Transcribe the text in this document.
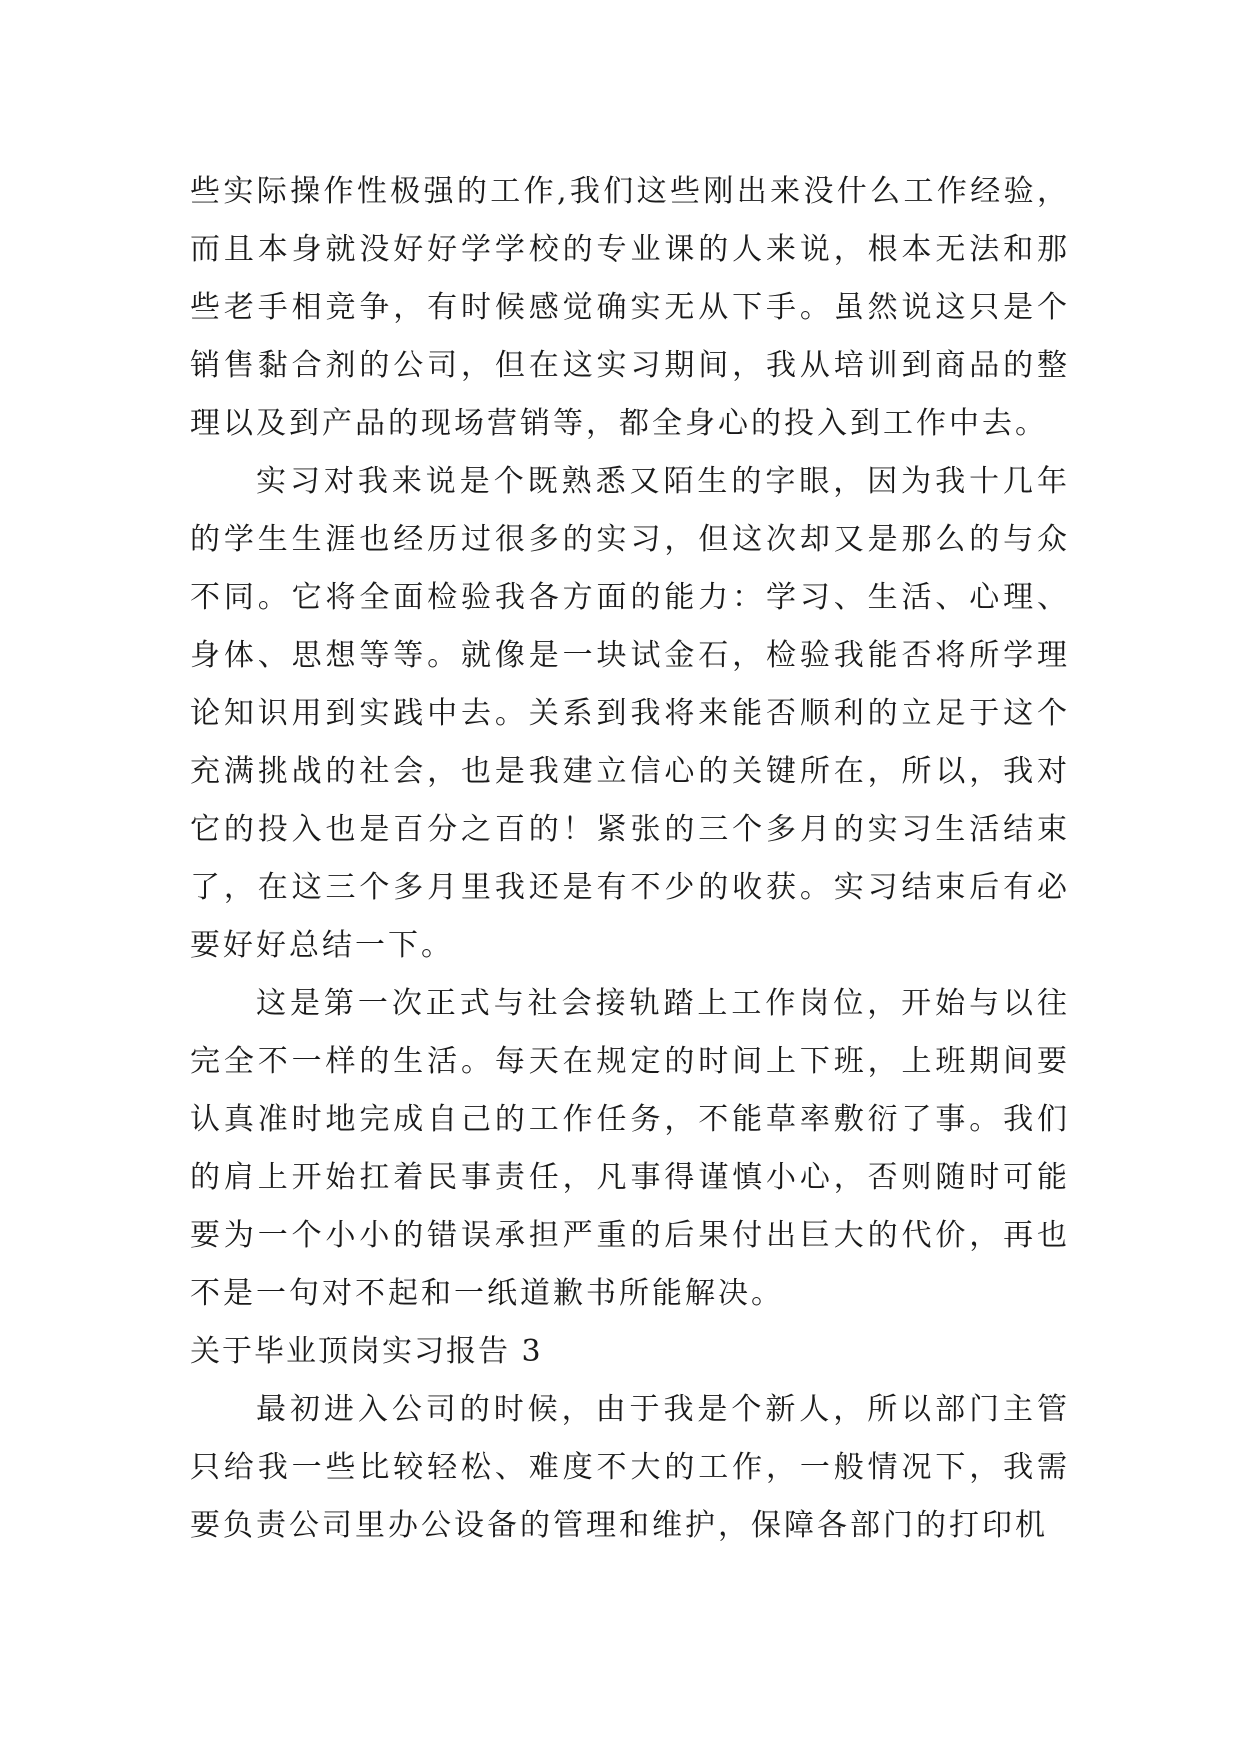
些实际操作性极强的工作,我们这些刚出来没什么工作经验，而且本身就没好好学学校的专业课的人来说，根本无法和那些老手相竞争，有时候感觉确实无从下手。虽然说这只是个销售黏合剂的公司，但在这实习期间，我从培训到商品的整理以及到产品的现场营销等，都全身心的投入到工作中去。

实习对我来说是个既熟悉又陌生的字眼，因为我十几年的学生生涯也经历过很多的实习，但这次却又是那么的与众不同。它将全面检验我各方面的能力：学习、生活、心理、身体、思想等等。就像是一块试金石，检验我能否将所学理论知识用到实践中去。关系到我将来能否顺利的立足于这个充满挑战的社会，也是我建立信心的关键所在，所以，我对它的投入也是百分之百的！紧张的三个多月的实习生活结束了，在这三个多月里我还是有不少的收获。实习结束后有必要好好总结一下。

这是第一次正式与社会接轨踏上工作岗位，开始与以往完全不一样的生活。每天在规定的时间上下班，上班期间要认真准时地完成自己的工作任务，不能草率敷衍了事。我们的肩上开始扛着民事责任，凡事得谨慎小心，否则随时可能要为一个小小的错误承担严重的后果付出巨大的代价，再也不是一句对不起和一纸道歉书所能解决。

关于毕业顶岗实习报告 3

最初进入公司的时候，由于我是个新人，所以部门主管只给我一些比较轻松、难度不大的工作，一般情况下，我需要负责公司里办公设备的管理和维护，保障各部门的打印机
